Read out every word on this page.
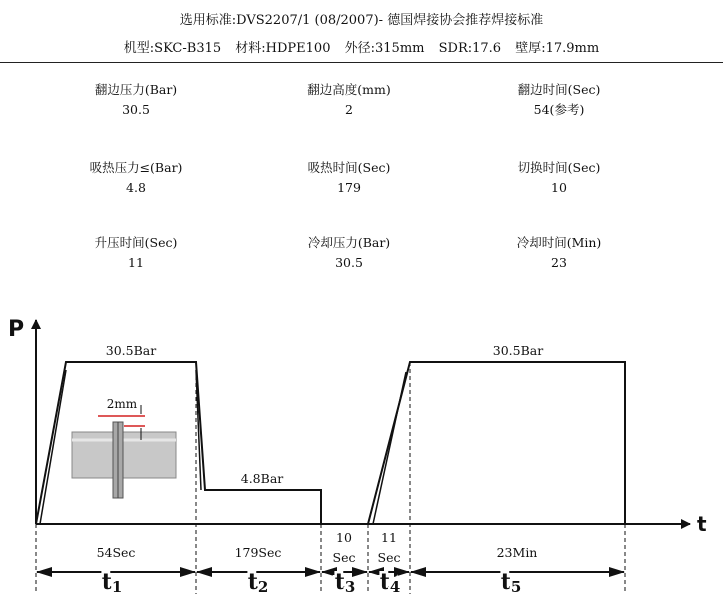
选用标准:DVS2207/1 (08/2007)- 德国焊接协会推荐焊接标准
机型:SKC-B315 材料:HDPE100 外径:315mm SDR:17.6 壁厚:17.9mm
翻边压力(Bar)
30.5
翻边高度(mm)
2
翻边时间(Sec)
54(参考)
吸热压力≤(Bar)
4.8
吸热时间(Sec)
179
切换时间(Sec)
10
升压时间(Sec)
11
冷却压力(Bar)
30.5
冷却时间(Min)
23
P
t
30.5Bar
4.8Bar
30.5Bar
2mm
54Sec	179Sec
10
Sec
11
Sec	23Min
t1	t2	t3 t4	t5
